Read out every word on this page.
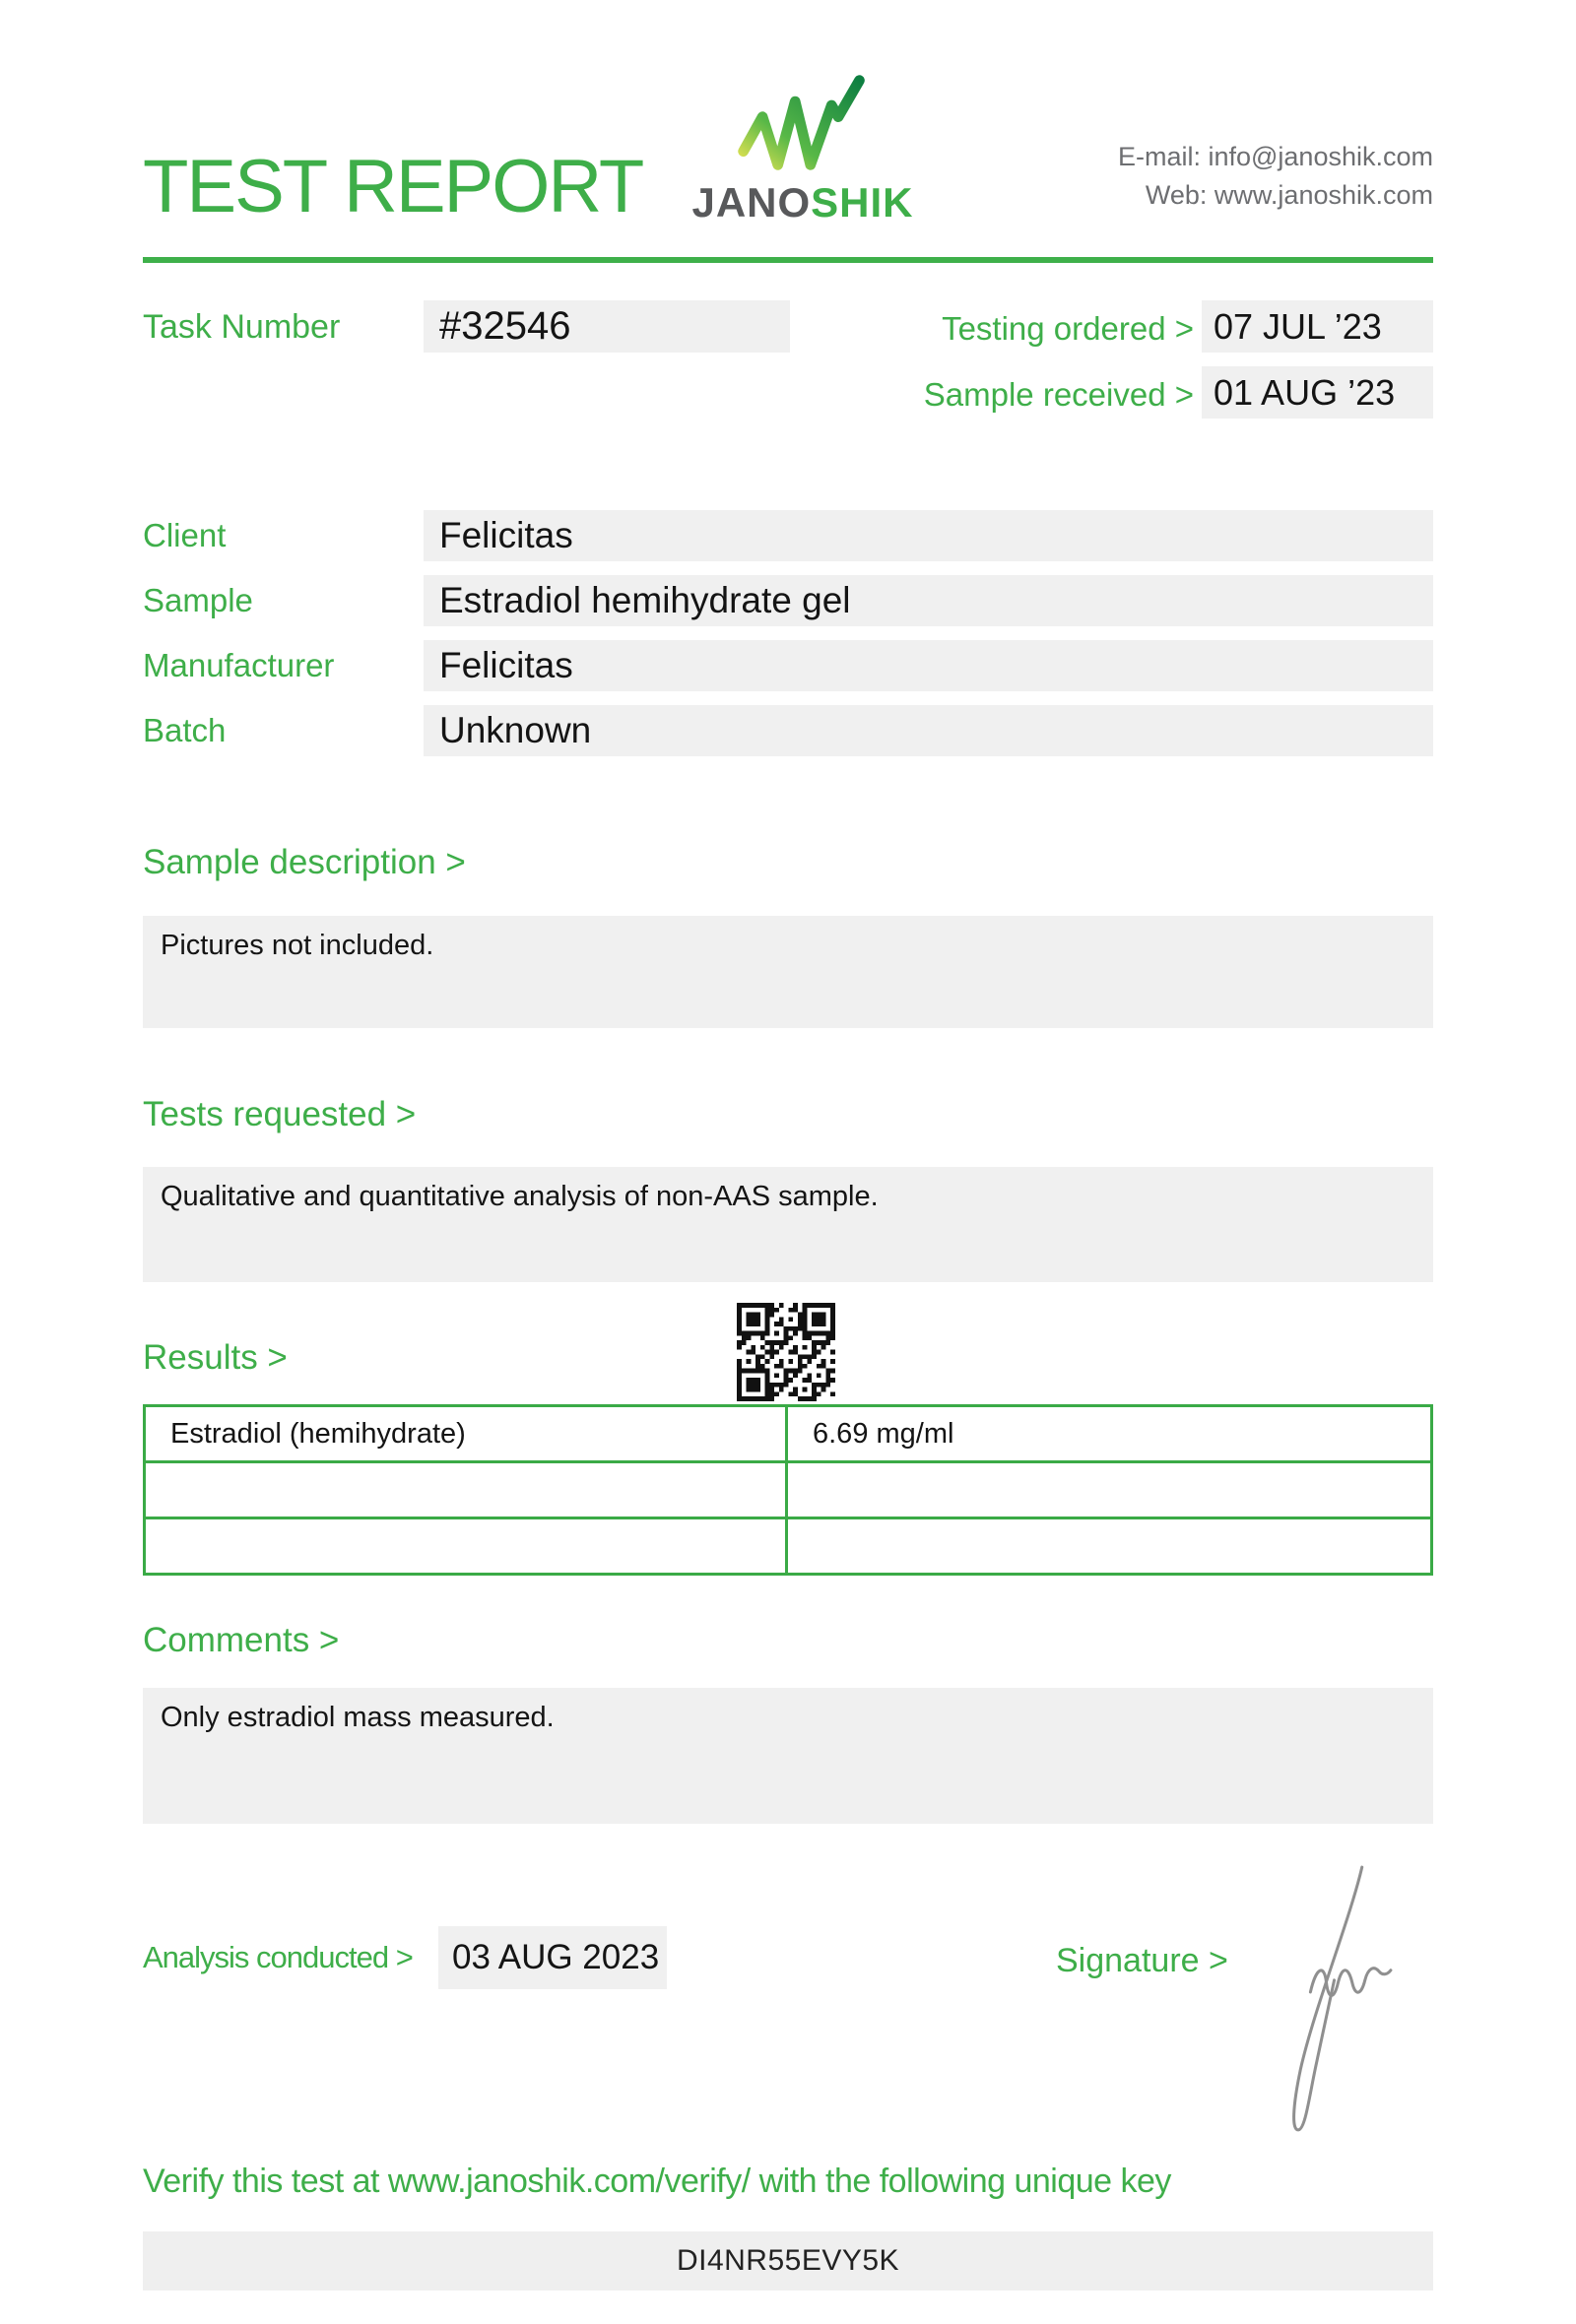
TEST REPORT JANOSHIK
E-mail: info@janoshik.com
Web: www.janoshik.com
Task Number	#32546	Testing ordered > 07 JUL ’23
Sample received > 01 AUG ’23
Client	Felicitas
Sample	Estradiol hemihydrate gel
Manufacturer	Felicitas
Batch	Unknown
Sample description >
Pictures not included.
Tests requested >
Qualitative and quantitative analysis of non-AAS sample.
Results >
Estradiol (hemihydrate)	6.69 mg/ml

Comments >
Only estradiol mass measured.
Analysis conducted >	03 AUG 2023	Signature >
Verify this test at www.janoshik.com/verify/ with the following unique key
DI4NR55EVY5K
